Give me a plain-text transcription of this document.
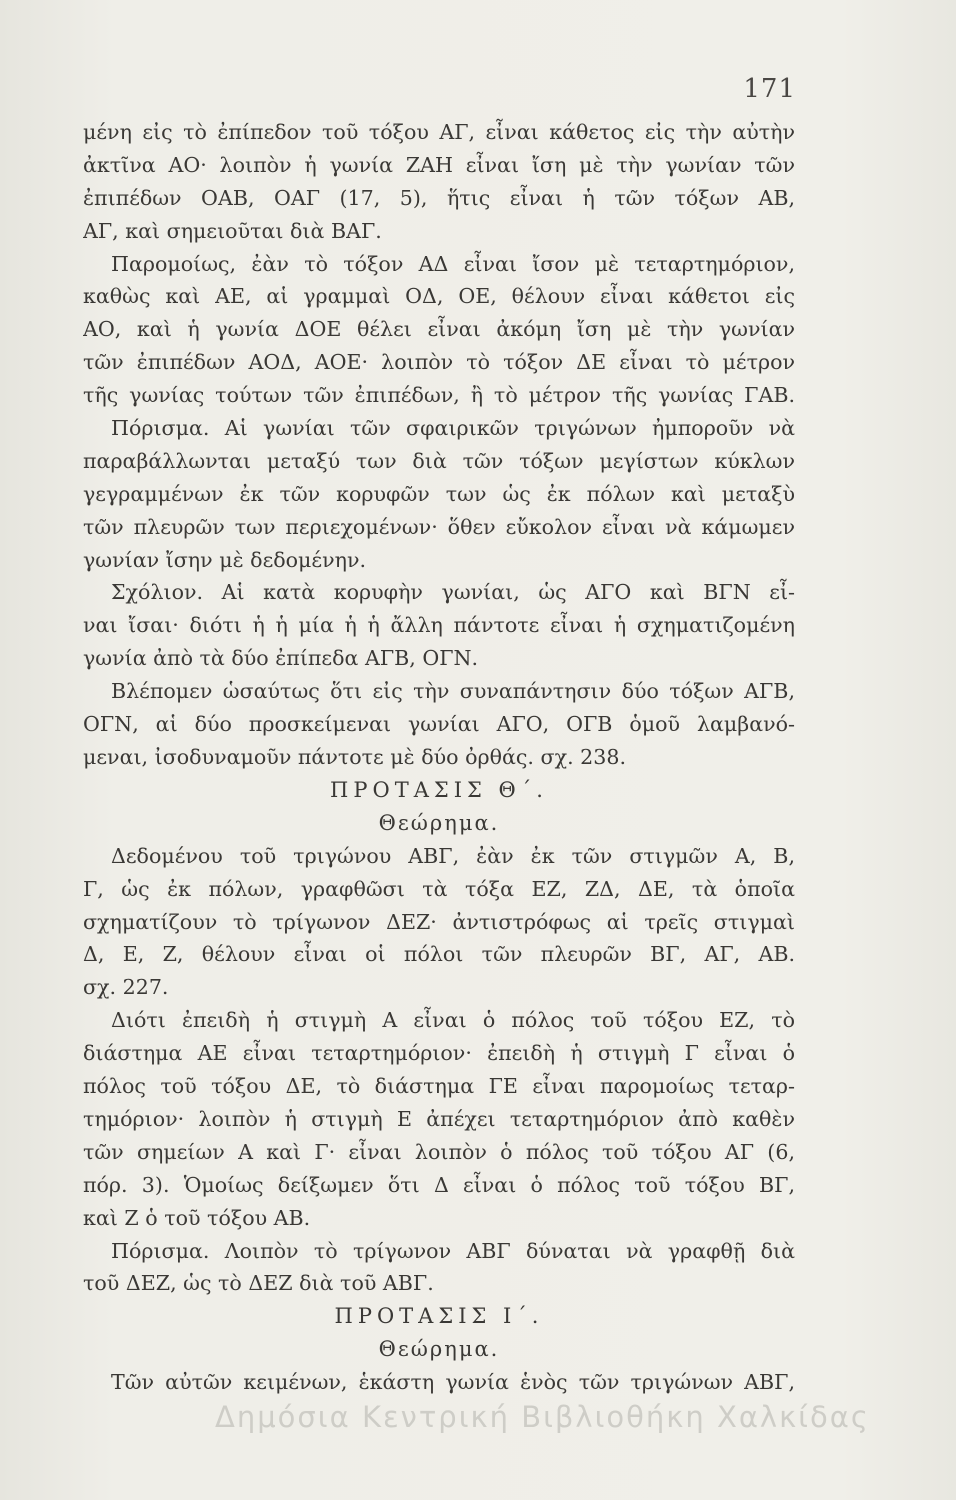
171
μένη εἰς τὸ ἐπίπεδον τοῦ τόξου ΑΓ, εἶναι κάθετος εἰς τὴν αὐτὴν
ἀκτῖνα ΑΟ· λοιπὸν ἡ γωνία ΖΑΗ εἶναι ἴση μὲ τὴν γωνίαν τῶν
ἐπιπέδων ΟΑΒ, ΟΑΓ (17, 5), ἥτις εἶναι ἡ τῶν τόξων ΑΒ,
ΑΓ, καὶ σημειοῦται διὰ ΒΑΓ.
Παρομοίως, ἐὰν τὸ τόξον ΑΔ εἶναι ἴσον μὲ τεταρτημόριον,
καθὼς καὶ ΑΕ, αἱ γραμμαὶ ΟΔ, ΟΕ, θέλουν εἶναι κάθετοι εἰς
ΑΟ, καὶ ἡ γωνία ΔΟΕ θέλει εἶναι ἀκόμη ἴση μὲ τὴν γωνίαν
τῶν ἐπιπέδων ΑΟΔ, ΑΟΕ· λοιπὸν τὸ τόξον ΔΕ εἶναι τὸ μέτρον
τῆς γωνίας τούτων τῶν ἐπιπέδων, ἢ τὸ μέτρον τῆς γωνίας ΓΑΒ.
Πόρισμα. Αἱ γωνίαι τῶν σφαιρικῶν τριγώνων ἠμποροῦν νὰ
παραβάλλωνται μεταξύ των διὰ τῶν τόξων μεγίστων κύκλων
γεγραμμένων ἐκ τῶν κορυφῶν των ὡς ἐκ πόλων καὶ μεταξὺ
τῶν πλευρῶν των περιεχομένων· ὅθεν εὔκολον εἶναι νὰ κάμωμεν
γωνίαν ἴσην μὲ δεδομένην.
Σχόλιον. Αἱ κατὰ κορυφὴν γωνίαι, ὡς ΑΓΟ καὶ ΒΓΝ εἶ-
ναι ἴσαι· διότι ἡ ἡ μία ἡ ἡ ἄλλη πάντοτε εἶναι ἡ σχηματιζομένη
γωνία ἀπὸ τὰ δύο ἐπίπεδα ΑΓΒ, ΟΓΝ.
Βλέπομεν ὡσαύτως ὅτι εἰς τὴν συναπάντησιν δύο τόξων ΑΓΒ,
ΟΓΝ, αἱ δύο προσκείμεναι γωνίαι ΑΓΟ, ΟΓΒ ὁμοῦ λαμβανό-
μεναι, ἰσοδυναμοῦν πάντοτε μὲ δύο ὀρθάς. σχ. 238.
ΠΡΟΤΑΣΙΣ Θ΄.
Θεώρημα.
Δεδομένου τοῦ τριγώνου ΑΒΓ, ἐὰν ἐκ τῶν στιγμῶν Α, Β,
Γ, ὡς ἐκ πόλων, γραφθῶσι τὰ τόξα ΕΖ, ΖΔ, ΔΕ, τὰ ὁποῖα
σχηματίζουν τὸ τρίγωνον ΔΕΖ· ἀντιστρόφως αἱ τρεῖς στιγμαὶ
Δ, Ε, Ζ, θέλουν εἶναι οἱ πόλοι τῶν πλευρῶν ΒΓ, ΑΓ, ΑΒ.
σχ. 227.
Διότι ἐπειδὴ ἡ στιγμὴ Α εἶναι ὁ πόλος τοῦ τόξου ΕΖ, τὸ
διάστημα ΑΕ εἶναι τεταρτημόριον· ἐπειδὴ ἡ στιγμὴ Γ εἶναι ὁ
πόλος τοῦ τόξου ΔΕ, τὸ διάστημα ΓΕ εἶναι παρομοίως τεταρ-
τημόριον· λοιπὸν ἡ στιγμὴ Ε ἀπέχει τεταρτημόριον ἀπὸ καθὲν
τῶν σημείων Α καὶ Γ· εἶναι λοιπὸν ὁ πόλος τοῦ τόξου ΑΓ (6,
πόρ. 3). Ὁμοίως δείξωμεν ὅτι Δ εἶναι ὁ πόλος τοῦ τόξου ΒΓ,
καὶ Ζ ὁ τοῦ τόξου ΑΒ.
Πόρισμα. Λοιπὸν τὸ τρίγωνον ΑΒΓ δύναται νὰ γραφθῇ διὰ
τοῦ ΔΕΖ, ὡς τὸ ΔΕΖ διὰ τοῦ ΑΒΓ.
ΠΡΟΤΑΣΙΣ Ι΄.
Θεώρημα.
Τῶν αὐτῶν κειμένων, ἑκάστη γωνία ἑνὸς τῶν τριγώνων ΑΒΓ,
Δημόσια Κεντρική Βιβλιοθήκη Χαλκίδας
